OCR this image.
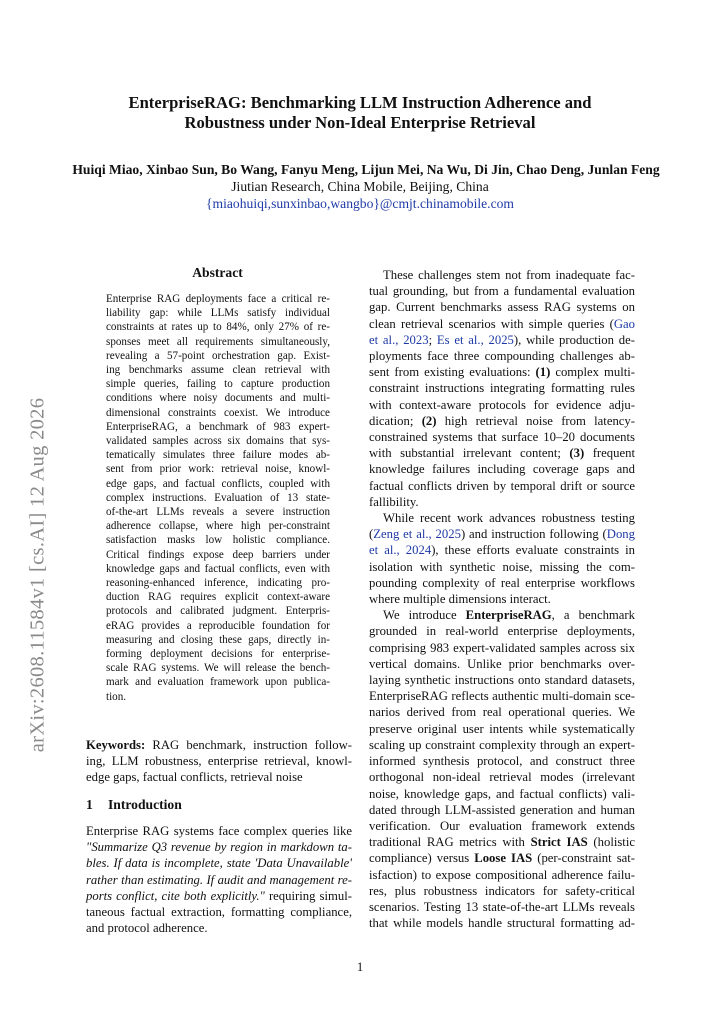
arXiv:2608.11584v1 [cs.AI] 12 Aug 2026
EnterpriseRAG: Benchmarking LLM Instruction Adherence and
Robustness under Non-Ideal Enterprise Retrieval
Huiqi Miao, Xinbao Sun, Bo Wang, Fanyu Meng, Lijun Mei, Na Wu, Di Jin, Chao Deng, Junlan Feng
Jiutian Research, China Mobile, Beijing, China
{miaohuiqi,sunxinbao,wangbo}@cmjt.chinamobile.com
Abstract
Enterprise RAG deployments face a critical re-
liability gap: while LLMs satisfy individual
constraints at rates up to 84%, only 27% of re-
sponses meet all requirements simultaneously,
revealing a 57-point orchestration gap. Exist-
ing benchmarks assume clean retrieval with
simple queries, failing to capture production
conditions where noisy documents and multi-
dimensional constraints coexist. We introduce
EnterpriseRAG, a benchmark of 983 expert-
validated samples across six domains that sys-
tematically simulates three failure modes ab-
sent from prior work: retrieval noise, knowl-
edge gaps, and factual conflicts, coupled with
complex instructions. Evaluation of 13 state-
of-the-art LLMs reveals a severe instruction
adherence collapse, where high per-constraint
satisfaction masks low holistic compliance.
Critical findings expose deep barriers under
knowledge gaps and factual conflicts, even with
reasoning-enhanced inference, indicating pro-
duction RAG requires explicit context-aware
protocols and calibrated judgment. Enterpris-
eRAG provides a reproducible foundation for
measuring and closing these gaps, directly in-
forming deployment decisions for enterprise-
scale RAG systems. We will release the bench-
mark and evaluation framework upon publica-
tion.
Keywords: RAG benchmark, instruction follow-
ing, LLM robustness, enterprise retrieval, knowl-
edge gaps, factual conflicts, retrieval noise
1 Introduction
Enterprise RAG systems face complex queries like
"Summarize Q3 revenue by region in markdown ta-
bles. If data is incomplete, state 'Data Unavailable'
rather than estimating. If audit and management re-
ports conflict, cite both explicitly." requiring simul-
taneous factual extraction, formatting compliance,
and protocol adherence.
These challenges stem not from inadequate fac-
tual grounding, but from a fundamental evaluation
gap. Current benchmarks assess RAG systems on
clean retrieval scenarios with simple queries (Gao
et al., 2023; Es et al., 2025), while production de-
ployments face three compounding challenges ab-
sent from existing evaluations: (1) complex multi-
constraint instructions integrating formatting rules
with context-aware protocols for evidence adju-
dication; (2) high retrieval noise from latency-
constrained systems that surface 10–20 documents
with substantial irrelevant content; (3) frequent
knowledge failures including coverage gaps and
factual conflicts driven by temporal drift or source
fallibility.
While recent work advances robustness testing
(Zeng et al., 2025) and instruction following (Dong
et al., 2024), these efforts evaluate constraints in
isolation with synthetic noise, missing the com-
pounding complexity of real enterprise workflows
where multiple dimensions interact.
We introduce EnterpriseRAG, a benchmark
grounded in real-world enterprise deployments,
comprising 983 expert-validated samples across six
vertical domains. Unlike prior benchmarks over-
laying synthetic instructions onto standard datasets,
EnterpriseRAG reflects authentic multi-domain sce-
narios derived from real operational queries. We
preserve original user intents while systematically
scaling up constraint complexity through an expert-
informed synthesis protocol, and construct three
orthogonal non-ideal retrieval modes (irrelevant
noise, knowledge gaps, and factual conflicts) vali-
dated through LLM-assisted generation and human
verification. Our evaluation framework extends
traditional RAG metrics with Strict IAS (holistic
compliance) versus Loose IAS (per-constraint sat-
isfaction) to expose compositional adherence failu-
res, plus robustness indicators for safety-critical
scenarios. Testing 13 state-of-the-art LLMs reveals
that while models handle structural formatting ad-
1
